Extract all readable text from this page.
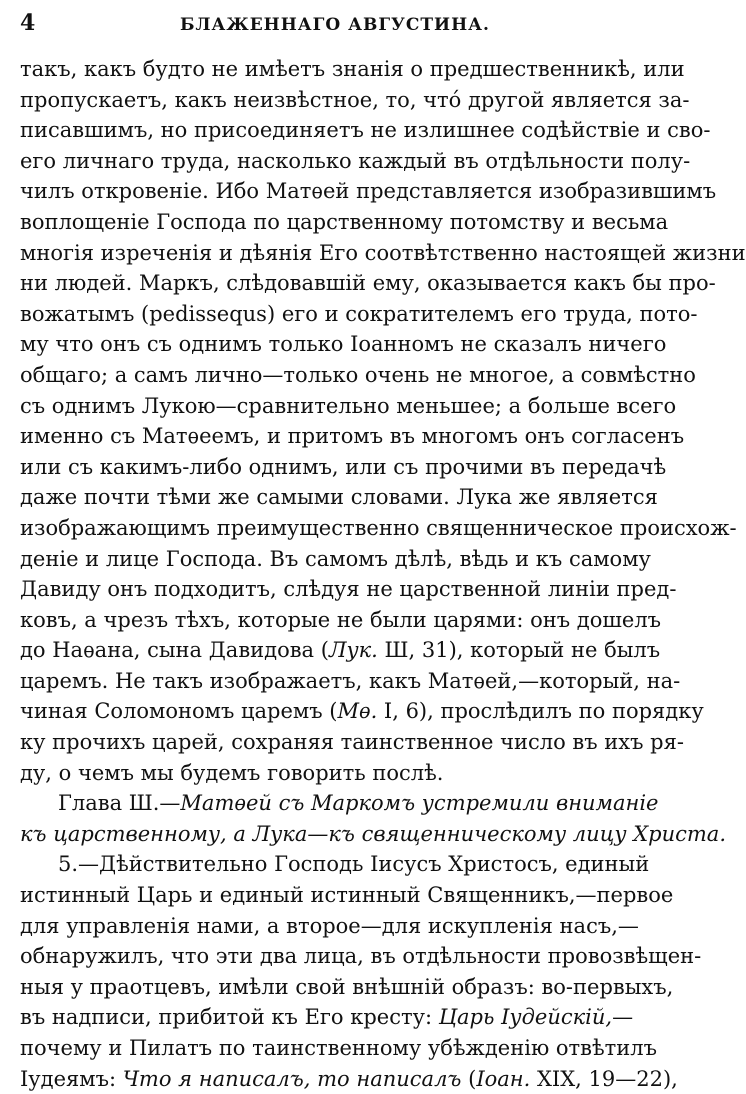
4	БЛАЖЕННАГО АВГУСТИНА.
такъ, какъ будто не имѣетъ знанія о предшественникѣ, или
пропускаетъ, какъ неизвѣстное, то, чтó другой является за-
писавшимъ, но присоединяетъ не излишнее содѣйствіе и сво-
его личнаго труда, насколько каждый въ отдѣльности полу-
чилъ откровеніе. Ибо Матѳей представляется изобразившимъ
воплощеніе Господа по царственному потомству и весьма
многія изреченія и дѣянія Его соотвѣтственно настоящей жизни
ни людей. Маркъ, слѣдовавшій ему, оказывается какъ бы про-
вожатымъ (pedissequs) его и сократителемъ его труда, пото-
му что онъ съ однимъ только Іоанномъ не сказалъ ничего
общаго; а самъ лично—только очень не многое, а совмѣстно
съ однимъ Лукою—сравнительно меньшее; а больше всего
именно съ Матѳеемъ, и притомъ въ многомъ онъ согласенъ
или съ какимъ-либо однимъ, или съ прочими въ передачѣ
даже почти тѣми же самыми словами. Лука же является
изображающимъ преимущественно священническое происхож-
деніе и лице Господа. Въ самомъ дѣлѣ, вѣдь и къ самому
Давиду онъ подходитъ, слѣдуя не царственной линіи пред-
ковъ, а чрезъ тѣхъ, которые не были царями: онъ дошелъ
до Наѳана, сына Давидова (Лук. Ш, 31), который не былъ
царемъ. Не такъ изображаетъ, какъ Матѳей,—который, на-
чиная Соломономъ царемъ (Мѳ. I, 6), прослѣдилъ по порядку
ку прочихъ царей, сохраняя таинственное число въ ихъ ря-
ду, о чемъ мы будемъ говорить послѣ.
Глава Ш.—Матѳей съ Маркомъ устремили вниманіе
къ царственному, а Лука—къ священническому лицу Христа.
5.—Дѣйствительно Господь Іисусъ Христосъ, единый
истинный Царь и единый истинный Священникъ,—первое
для управленія нами, а второе—для искупленія насъ,—
обнаружилъ, что эти два лица, въ отдѣльности провозвѣщен-
ныя у праотцевъ, имѣли свой внѣшній образъ: во-первыхъ,
въ надписи, прибитой къ Его кресту: Царь Іудейскій,—
почему и Пилатъ по таинственному убѣжденію отвѣтилъ
Іудеямъ: Что я написалъ, то написалъ (Іоан. XIX, 19—22),
